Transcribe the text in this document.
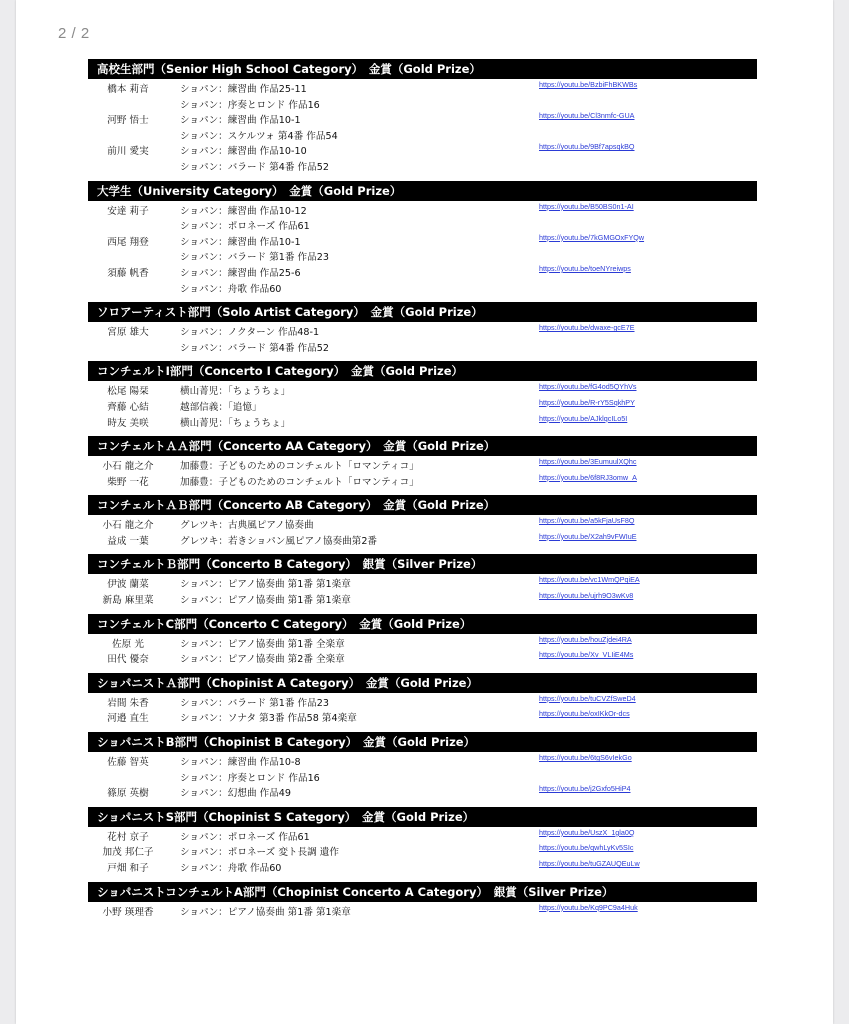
2 / 2
高校生部門（Senior High School Category）　金賞（Gold Prize）
橋本 莉音	ショパン：練習曲 作品25-11	https://youtu.be/BzbiFhBKWBs
ショパン：序奏とロンド 作品16
河野 悟士	ショパン：練習曲 作品10-1	https://youtu.be/Cl3nmfc-GUA
ショパン：スケルツォ 第4番 作品54
前川 愛実	ショパン：練習曲 作品10-10	https://youtu.be/9Bf7apsqkBQ
ショパン：バラード 第4番 作品52
大学生（University Category）　金賞（Gold Prize）
安達 莉子	ショパン：練習曲 作品10-12	https://youtu.be/B50BS0n1-AI
ショパン：ポロネーズ 作品61
西尾 翔登	ショパン：練習曲 作品10-1	https://youtu.be/7kGMGOxFYQw
ショパン：バラード 第1番 作品23
須藤 帆香	ショパン：練習曲 作品25-6	https://youtu.be/toeNYreiwps
ショパン：舟歌 作品60
ソロアーティスト部門（Solo Artist Category）　金賞（Gold Prize）
宮原 雄大	ショパン：ノクターン 作品48-1	https://youtu.be/dwaxe-gcE7E
ショパン：バラード 第4番 作品52
コンチェルトⅠ部門（Concerto I Category）　金賞（Gold Prize）
松尾 陽栞	横山菁児：「ちょうちょ」	https://youtu.be/fG4od5QYhVs
齊藤 心結	越部信義：「追憶」	https://youtu.be/R-rY5SqkhPY
時友 美咲	横山菁児：「ちょうちょ」	https://youtu.be/AJklqcILo5I
コンチェルトＡＡ部門（Concerto AA Category）　金賞（Gold Prize）
小石 龍之介	加藤豊：子どものためのコンチェルト「ロマンティコ」	https://youtu.be/3EumuulXQhc
柴野 一花	加藤豊：子どものためのコンチェルト「ロマンティコ」	https://youtu.be/6f8RJ3omw_A
コンチェルトＡＢ部門（Concerto AB Category）　金賞（Gold Prize）
小石 龍之介	グレツキ：古典風ピアノ協奏曲	https://youtu.be/a5kFjaUsF8Q
益成 一葉	グレツキ：若きショパン風ピアノ協奏曲第2番	https://youtu.be/X2ah9vFWIuE
コンチェルトＢ部門（Concerto B Category）　銀賞（Silver Prize）
伊波 蘭菜	ショパン：ピアノ協奏曲 第1番 第1楽章	https://youtu.be/vc1WmQPqiEA
新島 麻里菜	ショパン：ピアノ協奏曲 第1番 第1楽章	https://youtu.be/ujrh9O3wKv8
コンチェルトC部門（Concerto C Category）　金賞（Gold Prize）
佐原 光	ショパン：ピアノ協奏曲 第1番 全楽章	https://youtu.be/houZjdei4RA
田代 優奈	ショパン：ピアノ協奏曲 第2番 全楽章	https://youtu.be/Xv_VLIiE4Ms
ショパニストＡ部門（Chopinist A Category）　金賞（Gold Prize）
岩間 朱香	ショパン：バラード 第1番 作品23	https://youtu.be/tuCVZfSweD4
河邉 直生	ショパン：ソナタ 第3番 作品58 第4楽章	https://youtu.be/oxIKkOr-dcs
ショパニストB部門（Chopinist B Category）　金賞（Gold Prize）
佐藤 智英	ショパン：練習曲 作品10-8	https://youtu.be/6tgS6vIekGo
ショパン：序奏とロンド 作品16
篠原 英樹	ショパン：幻想曲 作品49	https://youtu.be/j2Gxfo5HiP4
ショパニストS部門（Chopinist S Category）　金賞（Gold Prize）
花村 京子	ショパン：ポロネーズ 作品61	https://youtu.be/UszX_1gla0Q
加茂 邦仁子	ショパン：ポロネーズ 変ト長調 遺作	https://youtu.be/qwhLyKv5SIc
戸畑 和子	ショパン：舟歌 作品60	https://youtu.be/tuGZAUQEuLw
ショパニストコンチェルトA部門（Chopinist Concerto A Category）　銀賞（Silver Prize）
小野 瑛理香	ショパン：ピアノ協奏曲 第1番 第1楽章	https://youtu.be/Kq9PC9a4Huk
